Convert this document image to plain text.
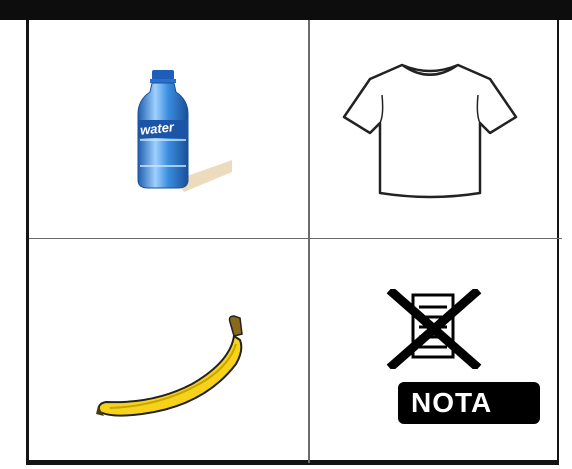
water
NOTA
